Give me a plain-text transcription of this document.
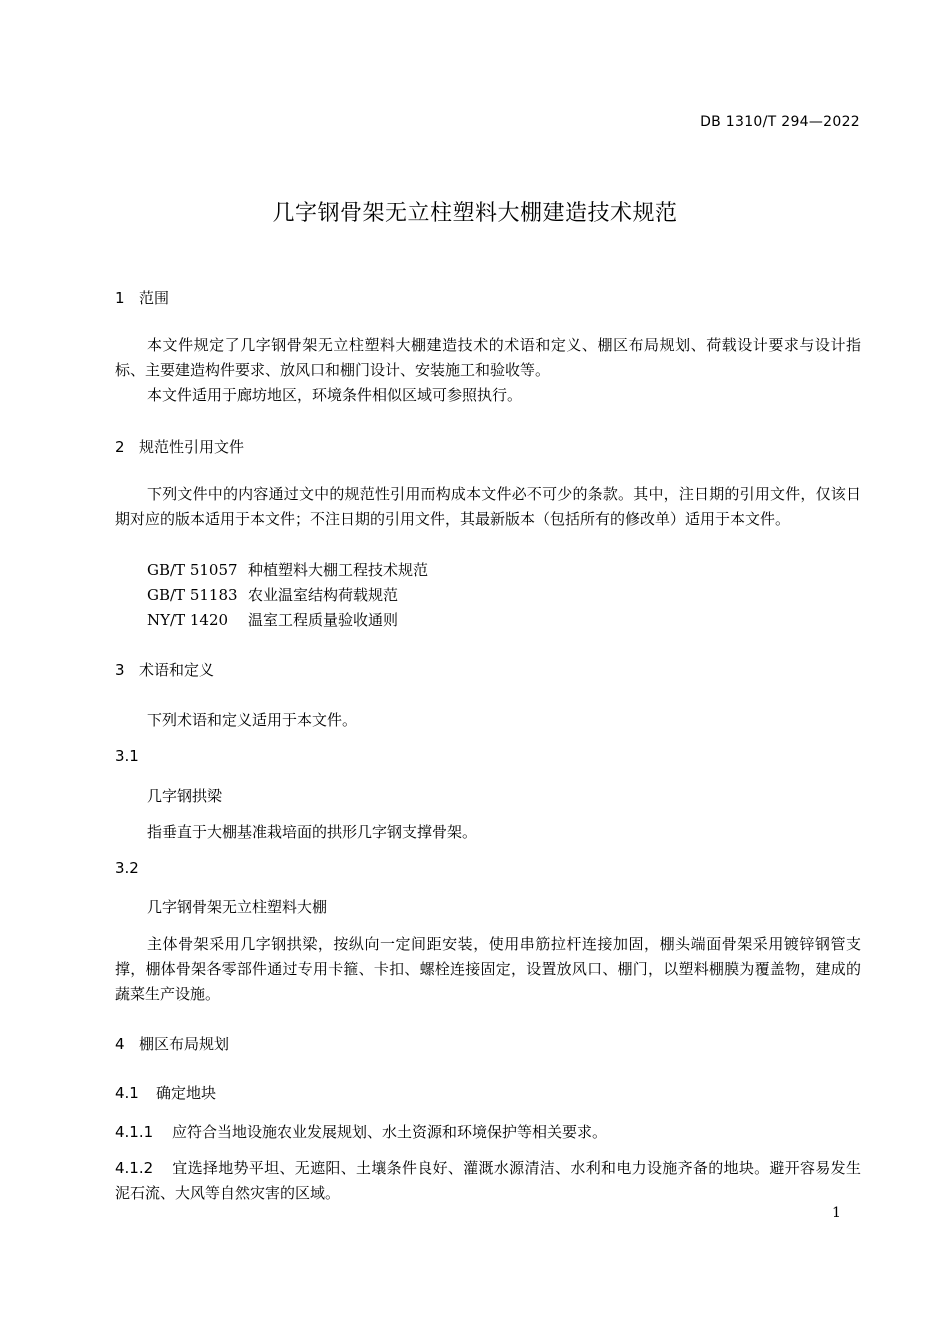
DB 1310/T 294—2022
几字钢骨架无立柱塑料大棚建造技术规范
1 范围

本文件规定了几字钢骨架无立柱塑料大棚建造技术的术语和定义、棚区布局规划、荷载设计要求与设计指标、主要建造构件要求、放风口和棚门设计、安装施工和验收等。

本文件适用于廊坊地区，环境条件相似区域可参照执行。

2 规范性引用文件

下列文件中的内容通过文中的规范性引用而构成本文件必不可少的条款。其中，注日期的引用文件，仅该日期对应的版本适用于本文件；不注日期的引用文件，其最新版本（包括所有的修改单）适用于本文件。

GB/T 51057 种植塑料大棚工程技术规范
GB/T 51183 农业温室结构荷载规范
NY/T 1420 温室工程质量验收通则
3 术语和定义
下列术语和定义适用于本文件。
3.1
几字钢拱梁
指垂直于大棚基准栽培面的拱形几字钢支撑骨架。
3.2
几字钢骨架无立柱塑料大棚

主体骨架采用几字钢拱梁，按纵向一定间距安装，使用串筋拉杆连接加固，棚头端面骨架采用镀锌钢管支撑，棚体骨架各零部件通过专用卡箍、卡扣、螺栓连接固定，设置放风口、棚门，以塑料棚膜为覆盖物，建成的蔬菜生产设施。

4 棚区布局规划
4.1 确定地块
4.1.1 应符合当地设施农业发展规划、水土资源和环境保护等相关要求。

4.1.2 宜选择地势平坦、无遮阳、土壤条件良好、灌溉水源清洁、水利和电力设施齐备的地块。避开容易发生泥石流、大风等自然灾害的区域。

1
